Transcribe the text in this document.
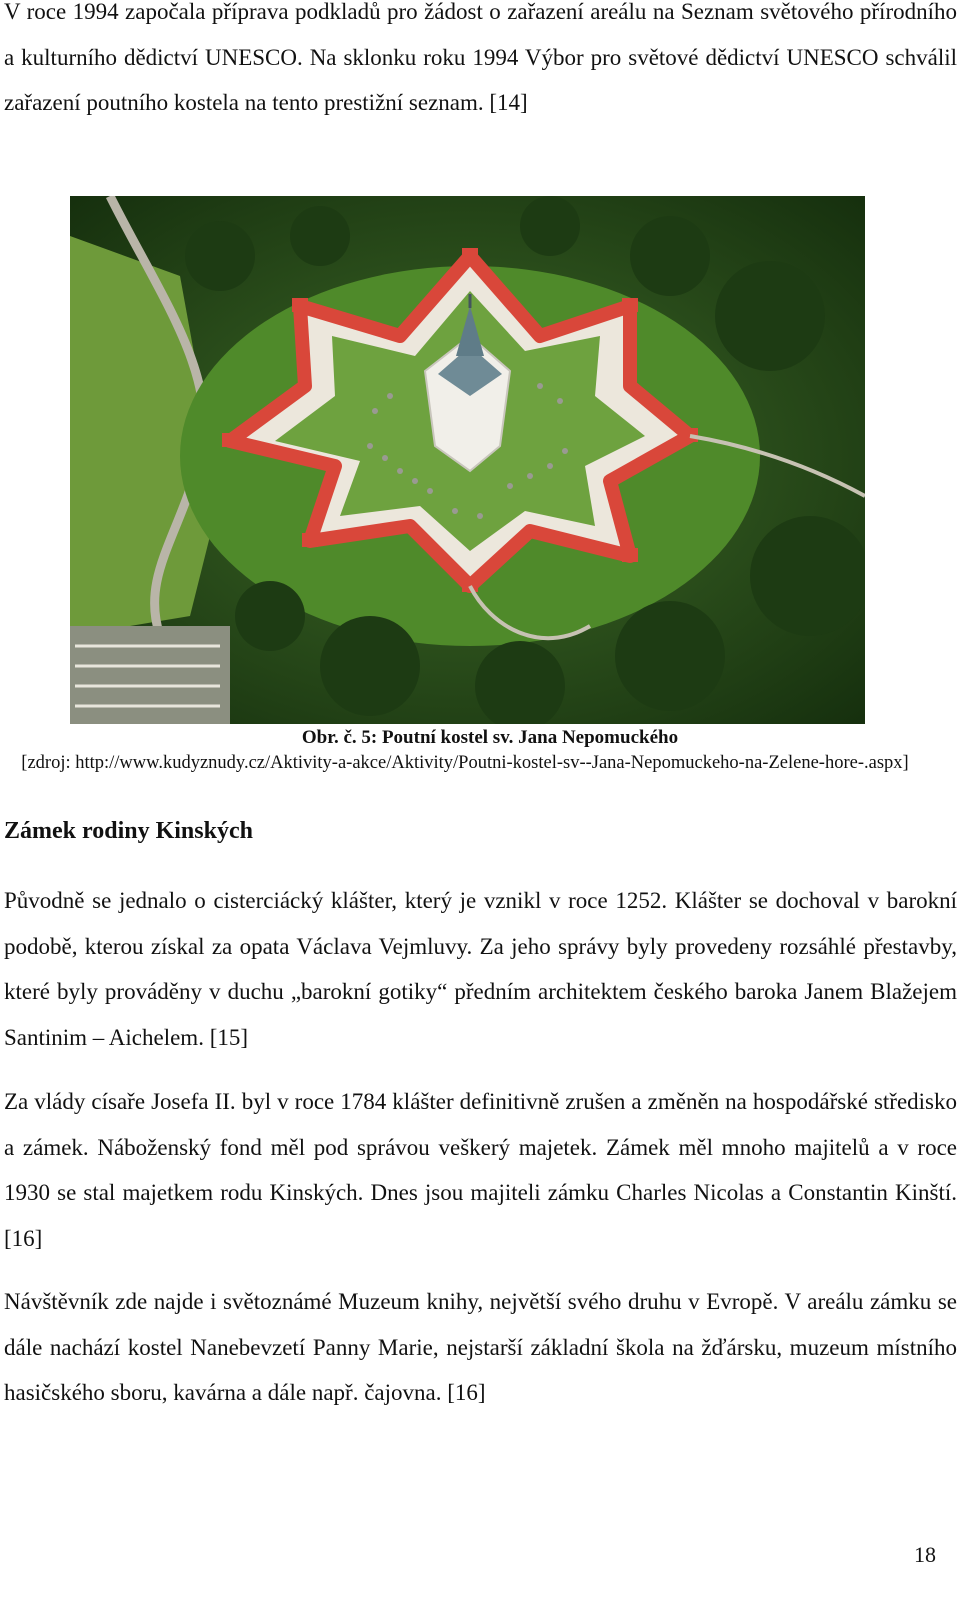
V roce 1994 započala příprava podkladů pro žádost o zařazení areálu na Seznam světového přírodního a kulturního dědictví UNESCO. Na sklonku roku 1994 Výbor pro světové dědictví UNESCO schválil zařazení poutního kostela na tento prestižní seznam. [14]

Obr. č. 5: Poutní kostel sv. Jana Nepomuckého
[zdroj: http://www.kudyznudy.cz/Aktivity-a-akce/Aktivity/Poutni-kostel-sv--Jana-Nepomuckeho-na-Zelene-hore-.aspx]
Zámek rodiny Kinských

Původně se jednalo o cisterciácký klášter, který je vznikl v roce 1252. Klášter se dochoval v barokní podobě, kterou získal za opata Václava Vejmluvy. Za jeho správy byly provedeny rozsáhlé přestavby, které byly prováděny v duchu „barokní gotiky“ předním architektem českého baroka Janem Blažejem Santinim – Aichelem. [15]

Za vlády císaře Josefa II. byl v roce 1784 klášter definitivně zrušen a změněn na hospodářské středisko a zámek. Náboženský fond měl pod správou veškerý majetek. Zámek měl mnoho majitelů a v roce 1930 se stal majetkem rodu Kinských. Dnes jsou majiteli zámku Charles Nicolas a Constantin Kinští. [16]

Návštěvník zde najde i světoznámé Muzeum knihy, největší svého druhu v Evropě. V areálu zámku se dále nachází kostel Nanebevzetí Panny Marie, nejstarší základní škola na žďársku, muzeum místního hasičského sboru, kavárna a dále např. čajovna. [16]

18
